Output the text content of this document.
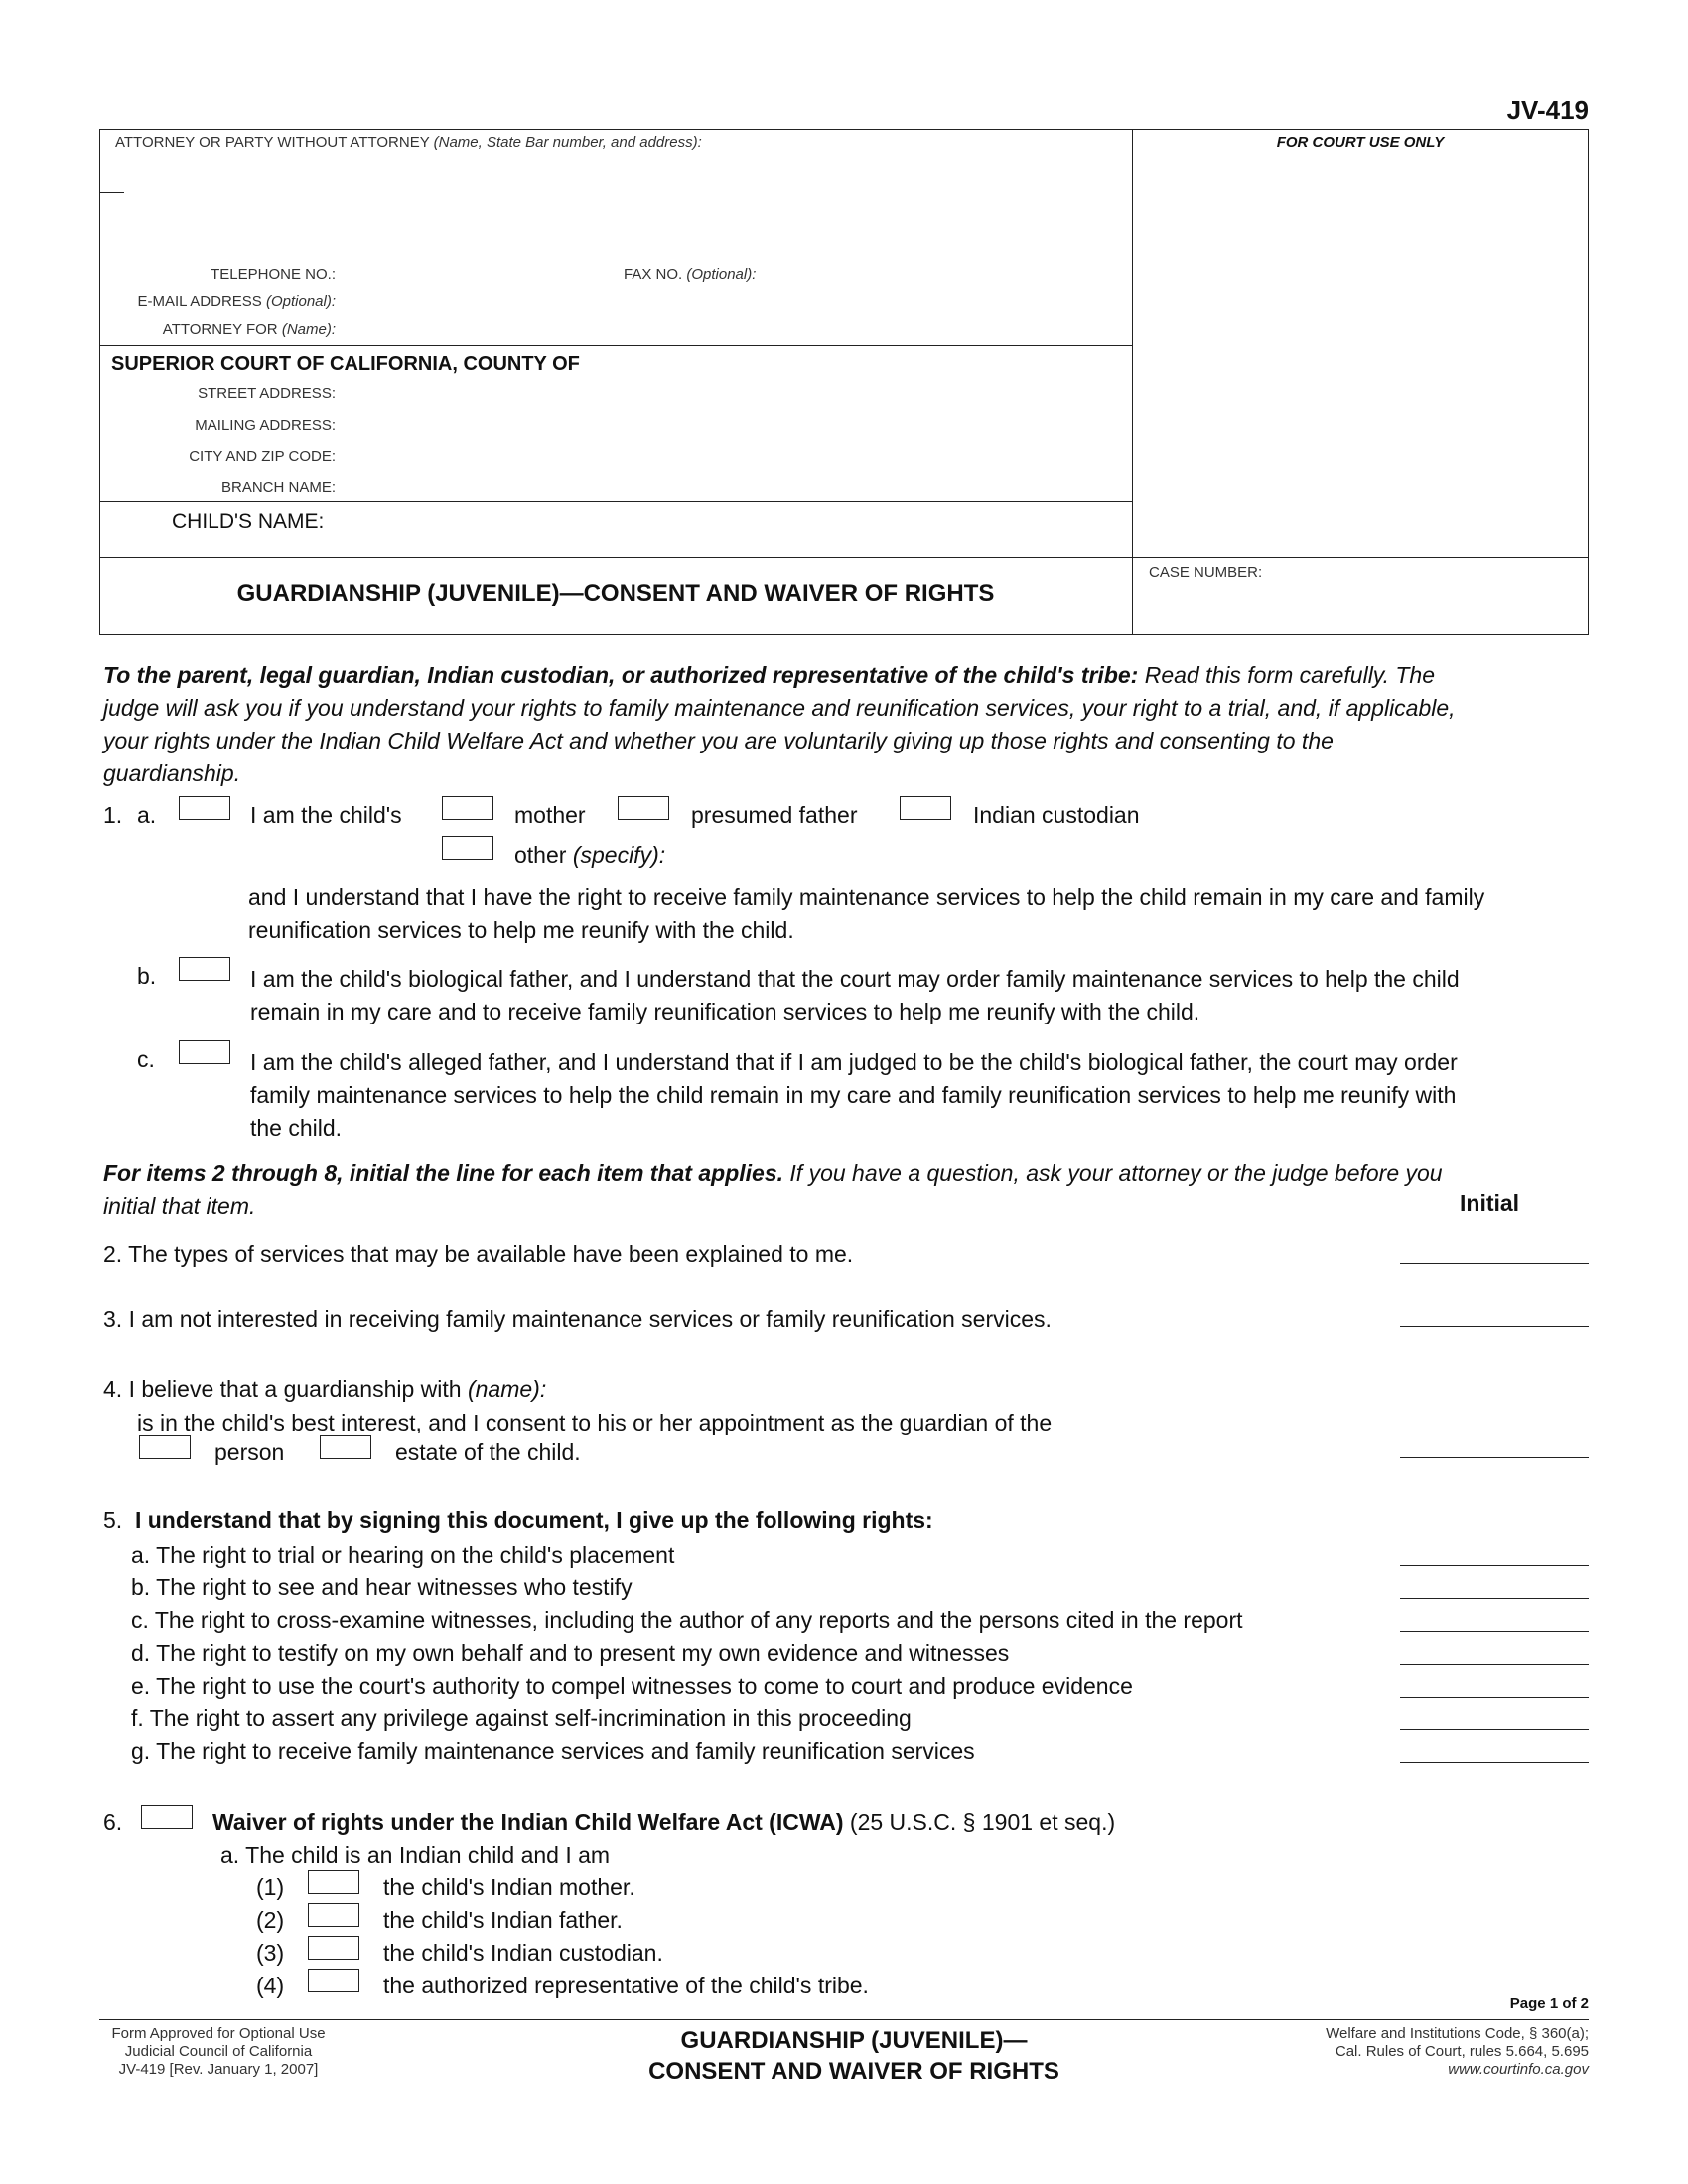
JV-419
ATTORNEY OR PARTY WITHOUT ATTORNEY (Name, State Bar number, and address):	FOR COURT USE ONLY
TELEPHONE NO.:	FAX NO. (Optional):
E-MAIL ADDRESS (Optional):
ATTORNEY FOR (Name):
SUPERIOR COURT OF CALIFORNIA, COUNTY OF
STREET ADDRESS:
MAILING ADDRESS:
CITY AND ZIP CODE:
BRANCH NAME:
CHILD'S NAME:
GUARDIANSHIP (JUVENILE)—CONSENT AND WAIVER OF RIGHTS
CASE NUMBER:
To the parent, legal guardian, Indian custodian, or authorized representative of the child's tribe: Read this form carefully. The
judge will ask you if you understand your rights to family maintenance and reunification services, your right to a trial, and, if applicable,
your rights under the Indian Child Welfare Act and whether you are voluntarily giving up those rights and consenting to the
guardianship.
1. a.	I am the child's	mother	presumed father	Indian custodian
other (specify):
and I understand that I have the right to receive family maintenance services to help the child remain in my care and family
reunification services to help me reunify with the child.
b.	I am the child's biological father, and I understand that the court may order family maintenance services to help the child
remain in my care and to receive family reunification services to help me reunify with the child.
c.	I am the child's alleged father, and I understand that if I am judged to be the child's biological father, the court may order
family maintenance services to help the child remain in my care and family reunification services to help me reunify with
the child.
For items 2 through 8, initial the line for each item that applies. If you have a question, ask your attorney or the judge before you
initial that item.	Initial
2. The types of services that may be available have been explained to me.
3. I am not interested in receiving family maintenance services or family reunification services.
4. I believe that a guardianship with (name):
is in the child's best interest, and I consent to his or her appointment as the guardian of the
person	estate of the child.
5. I understand that by signing this document, I give up the following rights:
a. The right to trial or hearing on the child's placement
b. The right to see and hear witnesses who testify
c. The right to cross-examine witnesses, including the author of any reports and the persons cited in the report
d. The right to testify on my own behalf and to present my own evidence and witnesses
e. The right to use the court's authority to compel witnesses to come to court and produce evidence
f. The right to assert any privilege against self-incrimination in this proceeding
g. The right to receive family maintenance services and family reunification services
6.	Waiver of rights under the Indian Child Welfare Act (ICWA) (25 U.S.C. § 1901 et seq.)
a. The child is an Indian child and I am
(1)	the child's Indian mother.
(2)	the child's Indian father.
(3)	the child's Indian custodian.
(4)	the authorized representative of the child's tribe.
Page 1 of 2
Form Approved for Optional Use
Judicial Council of California
JV-419 [Rev. January 1, 2007]
GUARDIANSHIP (JUVENILE)—
CONSENT AND WAIVER OF RIGHTS
Welfare and Institutions Code, § 360(a);
Cal. Rules of Court, rules 5.664, 5.695
www.courtinfo.ca.gov
